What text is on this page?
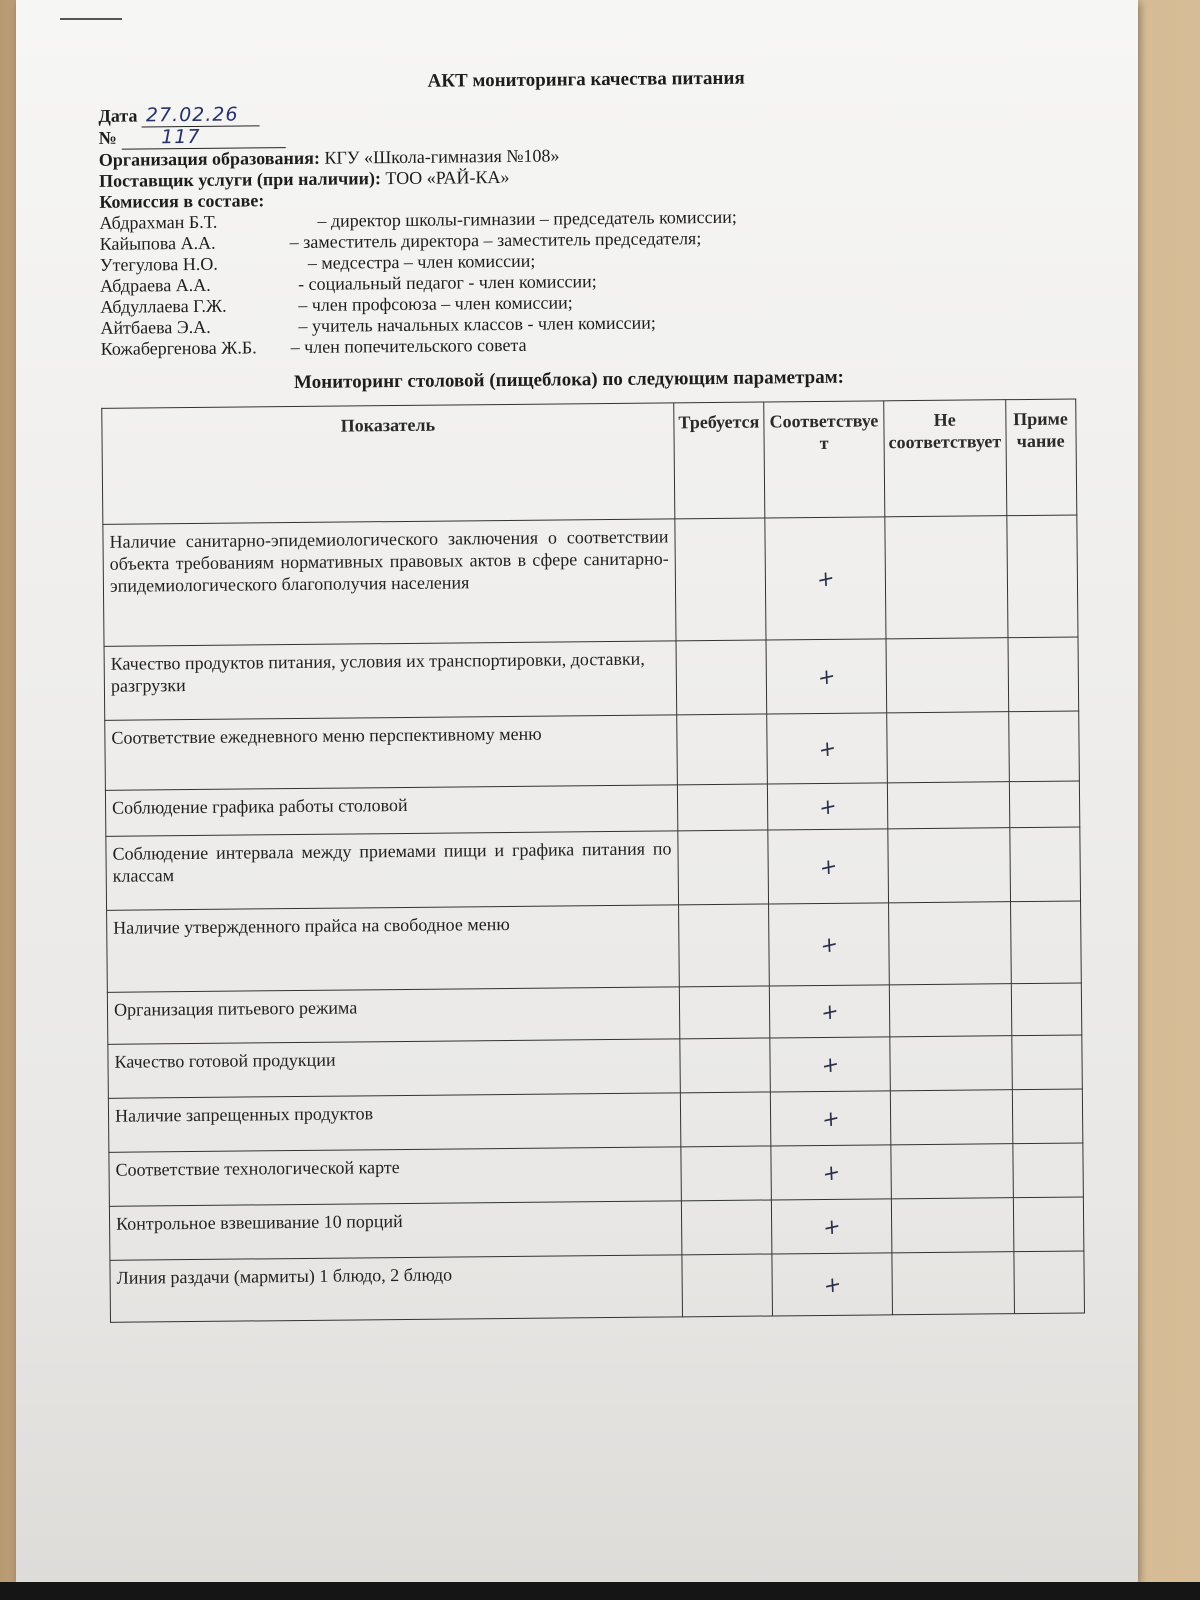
АКТ мониторинга качества питания
Дата 27.02.26
№ 117
Организация образования: КГУ «Школа-гимназия №108»
Поставщик услуги (при наличии): ТОО «РАЙ-КА»
Комиссия в составе:
Абдрахман Б.Т.	– директор школы-гимназии – председатель комиссии;
Кайыпова А.А.	– заместитель директора – заместитель председателя;
Утегулова Н.О.	– медсестра – член комиссии;
Абдраева А.А.	- социальный педагог - член комиссии;
Абдуллаева Г.Ж.	– член профсоюза – член комиссии;
Айтбаева Э.А.	– учитель начальных классов - член комиссии;
Кожабергенова Ж.Б.	– член попечительского совета
Мониторинг столовой (пищеблока) по следующим параметрам:
Показатель	Требуется	Соответствует	Не соответствует	Примечание
Наличие санитарно-эпидемиологического заключения о соответствии объекта требованиям нормативных правовых актов в сфере санитарно-эпидемиологического благополучия населения		+		
Качество продуктов питания, условия их транспортировки, доставки, разгрузки		+		
Соответствие ежедневного меню перспективному меню		+		
Соблюдение графика работы столовой		+		
Соблюдение интервала между приемами пищи и графика питания по классам		+		
Наличие утвержденного прайса на свободное меню		+		
Организация питьевого режима		+		
Качество готовой продукции		+		
Наличие запрещенных продуктов		+		
Соответствие технологической карте		+		
Контрольное взвешивание 10 порций		+		
Линия раздачи (мармиты) 1 блюдо, 2 блюдо		+		
